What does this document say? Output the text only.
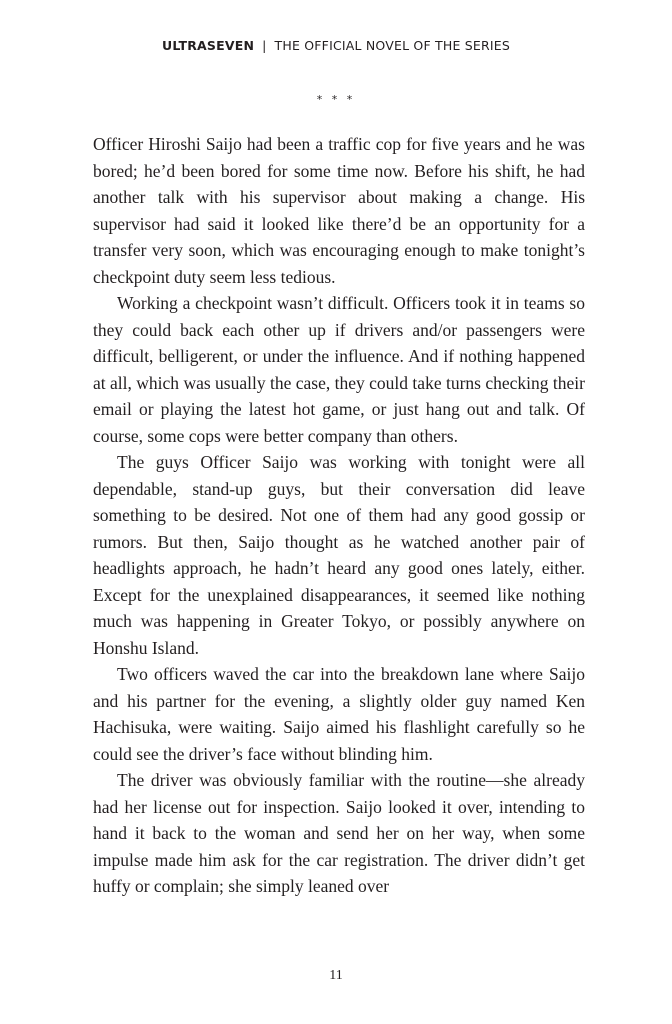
ULTRASEVEN | THE OFFICIAL NOVEL OF THE SERIES
* * *

Officer Hiroshi Saijo had been a traffic cop for five years and he was bored; he’d been bored for some time now. Before his shift, he had another talk with his supervisor about making a change. His supervisor had said it looked like there’d be an opportunity for a transfer very soon, which was encouraging enough to make tonight’s checkpoint duty seem less tedious.

Working a checkpoint wasn’t difficult. Officers took it in teams so they could back each other up if drivers and/or passengers were difficult, belligerent, or under the influence. And if nothing happened at all, which was usually the case, they could take turns checking their email or playing the latest hot game, or just hang out and talk. Of course, some cops were better company than others.

The guys Officer Saijo was working with tonight were all dependable, stand-up guys, but their conversation did leave something to be desired. Not one of them had any good gossip or rumors. But then, Saijo thought as he watched another pair of headlights approach, he hadn’t heard any good ones lately, either. Except for the unexplained disappearances, it seemed like nothing much was happening in Greater Tokyo, or possibly anywhere on Honshu Island.

Two officers waved the car into the breakdown lane where Saijo and his partner for the evening, a slightly older guy named Ken Hachisuka, were waiting. Saijo aimed his flashlight carefully so he could see the driver’s face without blinding him.

The driver was obviously familiar with the routine—she already had her license out for inspection. Saijo looked it over, intending to hand it back to the woman and send her on her way, when some impulse made him ask for the car registration. The driver didn’t get huffy or complain; she simply leaned over

11
